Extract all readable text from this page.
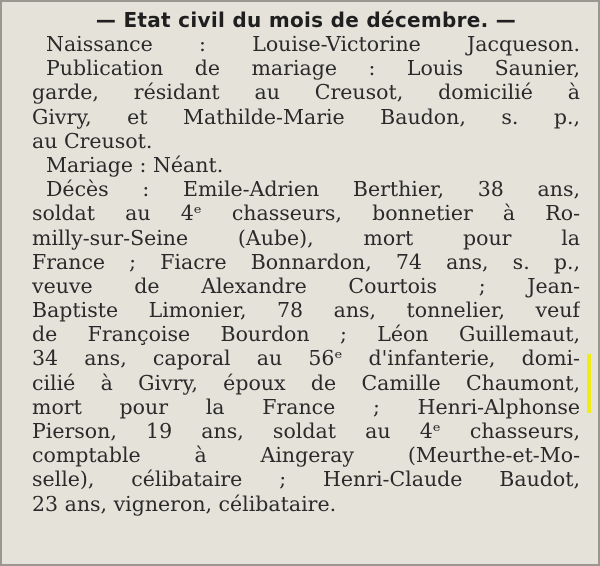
— Etat civil du mois de décembre. —
Naissance : Louise-Victorine Jacqueson.
Publication de mariage : Louis Saunier,
garde, résidant au Creusot, domicilié à
Givry, et Mathilde-Marie Baudon, s. p.,
au Creusot.
Mariage : Néant.
Décès : Emile-Adrien Berthier, 38 ans,
soldat au 4ᵉ chasseurs, bonnetier à Ro-
milly-sur-Seine (Aube), mort pour la
France ; Fiacre Bonnardon, 74 ans, s. p.,
veuve de Alexandre Courtois ; Jean-
Baptiste Limonier, 78 ans, tonnelier, veuf
de Françoise Bourdon ; Léon Guillemaut,
34 ans, caporal au 56ᵉ d'infanterie, domi-
cilié à Givry, époux de Camille Chaumont,
mort pour la France ; Henri-Alphonse
Pierson, 19 ans, soldat au 4ᵉ chasseurs,
comptable à Aingeray (Meurthe-et-Mo-
selle), célibataire ; Henri-Claude Baudot,
23 ans, vigneron, célibataire.
